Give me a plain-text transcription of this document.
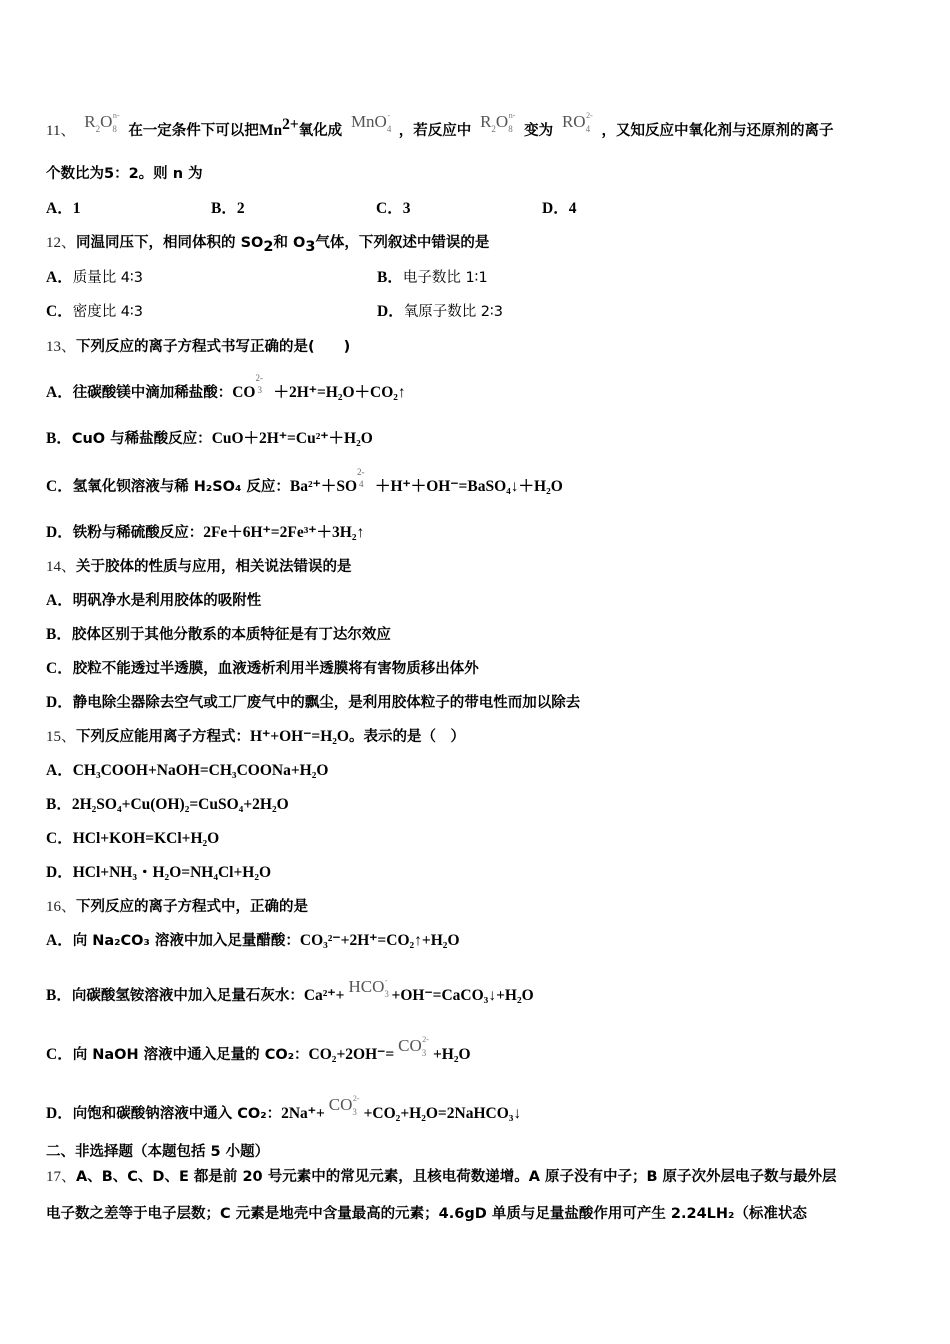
11、 $R_2O_8^{n-}$ 在一定条件下可以把$Mn^{2+}$氧化成 MnO$_4$- ，若反应中 $R_2O_8^{n-}$ 变为 $RO_4^{2-}$ ，又知反应中氧化剂与还原剂的离子
个数比为5：2。则 n 为
A．1	B．2	C．3	D．4
12、同温同压下，相同体积的 $SO_2$和 $O_3$气体，下列叙述中错误的是
A．质量比 4∶3	B．电子数比 1∶1
C．密度比 4∶3	D．氧原子数比 2∶3
13、下列反应的离子方程式书写正确的是(　　)
A．往碳酸镁中滴加稀盐酸：CO
2-
3 ＋2H⁺=H₂O＋CO₂↑
B．CuO 与稀盐酸反应：CuO＋2H⁺=Cu²⁺＋H₂O
C．氢氧化钡溶液与稀 H₂SO₄ 反应：Ba²⁺＋SO
2-
4 ＋H⁺＋OH⁻=BaSO₄↓＋H₂O
D．铁粉与稀硫酸反应：2Fe＋6H⁺=2Fe³⁺＋3H₂↑
14、关于胶体的性质与应用，相关说法错误的是
A．明矾净水是利用胶体的吸附性
B．胶体区别于其他分散系的本质特征是有丁达尔效应
C．胶粒不能透过半透膜，血液透析利用半透膜将有害物质移出体外
D．静电除尘器除去空气或工厂废气中的飘尘，是利用胶体粒子的带电性而加以除去
15、下列反应能用离子方程式：H⁺+OH⁻=H₂O。表示的是（　）
A．CH₃COOH+NaOH=CH₃COONa+H₂O
B．2H₂SO₄+Cu(OH)₂=CuSO₄+2H₂O
C．HCl+KOH=KCl+H₂O
D．HCl+NH₃・H₂O=NH₄Cl+H₂O
16、下列反应的离子方程式中，正确的是
A．向 Na₂CO₃ 溶液中加入足量醋酸：CO₃²⁻+2H⁺=CO₂↑+H₂O
B．向碳酸氢铵溶液中加入足量石灰水：$Ca^{2+}+ HCO_3^-+OH^-=CaCO_3↓+H_2O$
C．向 NaOH 溶液中通入足量的 CO₂：$CO_2+2OH^-= CO_3^{2-}+H_2O$
D．向饱和碳酸钠溶液中通入 CO₂：$2Na^++ CO_3^{2-}+CO_2+H_2O=2NaHCO_3↓$
二、非选择题（本题包括 5 小题）
17、A、B、C、D、E 都是前 20 号元素中的常见元素，且核电荷数递增。A 原子没有中子；B 原子次外层电子数与最外层
电子数之差等于电子层数；C 元素是地壳中含量最高的元素；4.6gD 单质与足量盐酸作用可产生 2.24LH₂（标准状态
